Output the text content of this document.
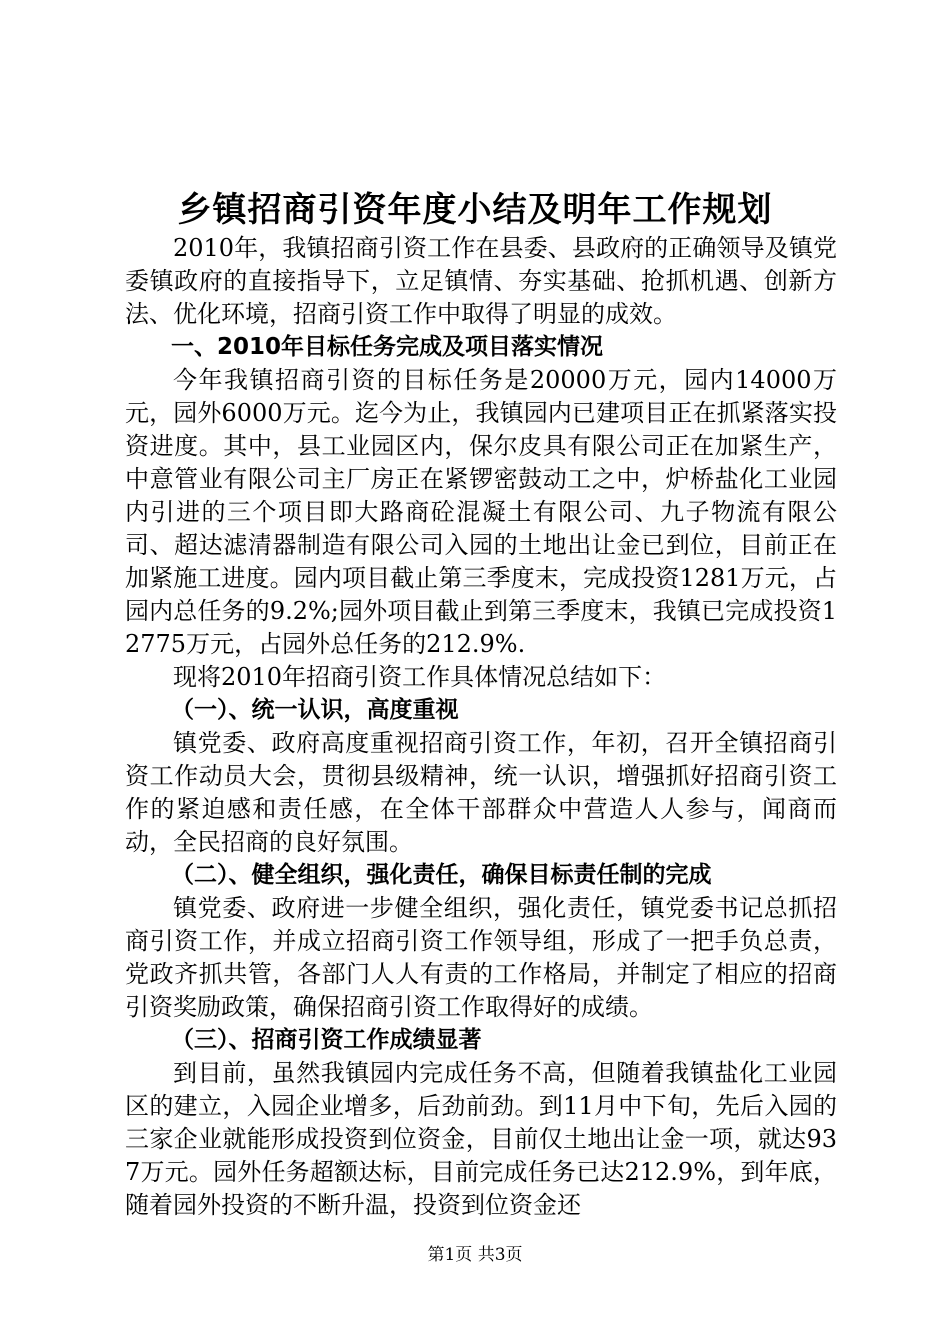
乡镇招商引资年度小结及明年工作规划

2010年，我镇招商引资工作在县委、县政府的正确领导及镇党委镇政府的直接指导下，立足镇情、夯实基础、抢抓机遇、创新方法、优化环境，招商引资工作中取得了明显的成效。

一、2010年目标任务完成及项目落实情况

今年我镇招商引资的目标任务是20000万元，园内14000万元，园外6000万元。迄今为止，我镇园内已建项目正在抓紧落实投资进度。其中，县工业园区内，保尔皮具有限公司正在加紧生产，中意管业有限公司主厂房正在紧锣密鼓动工之中，炉桥盐化工业园内引进的三个项目即大路商砼混凝土有限公司、九子物流有限公司、超达滤清器制造有限公司入园的土地出让金已到位，目前正在加紧施工进度。园内项目截止第三季度末，完成投资1281万元，占园内总任务的9.2%;园外项目截止到第三季度末，我镇已完成投资12775万元，占园外总任务的212.9%.

现将2010年招商引资工作具体情况总结如下：

（一）、统一认识，高度重视

镇党委、政府高度重视招商引资工作，年初，召开全镇招商引资工作动员大会，贯彻县级精神，统一认识，增强抓好招商引资工作的紧迫感和责任感，在全体干部群众中营造人人参与，闻商而动，全民招商的良好氛围。

（二）、健全组织，强化责任，确保目标责任制的完成

镇党委、政府进一步健全组织，强化责任，镇党委书记总抓招商引资工作，并成立招商引资工作领导组，形成了一把手负总责，党政齐抓共管，各部门人人有责的工作格局，并制定了相应的招商引资奖励政策，确保招商引资工作取得好的成绩。

（三）、招商引资工作成绩显著

到目前，虽然我镇园内完成任务不高，但随着我镇盐化工业园区的建立，入园企业增多，后劲前劲。到11月中下旬，先后入园的三家企业就能形成投资到位资金，目前仅土地出让金一项，就达937万元。园外任务超额达标，目前完成任务已达212.9%，到年底，随着园外投资的不断升温，投资到位资金还

第1页 共3页
